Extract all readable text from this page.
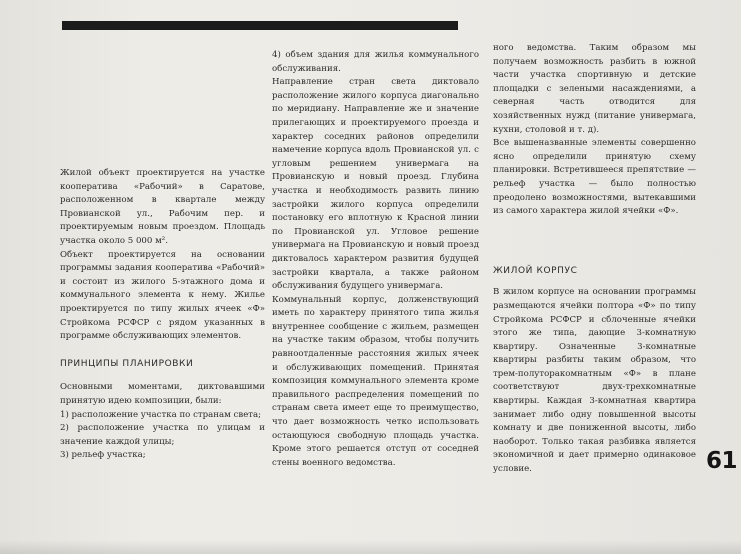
Жилой объект проектируется на участке кооператива «Рабочий» в Саратове, расположенном в квартале между Провианской ул., Рабочим пер. и проектируемым новым проездом. Площадь участка около 5 000 м².

Объект проектируется на основании программы задания кооператива «Рабочий» и состоит из жилого 5-этажного дома и коммунального элемента к нему. Жилье проектируется по типу жилых ячеек «Ф» Стройкома РСФСР с рядом указанных в программе обслуживающих элементов.

ПРИНЦИПЫ ПЛАНИРОВКИ

Основными моментами, диктовавшими принятую идею композиции, были:

1) расположение участка по странам света;

2) расположение участка по улицам и значение каждой улицы;

3) рельеф участка;

4) объем здания для жилья коммунального обслуживания.

Направление стран света диктовало расположение жилого корпуса диагонально по меридиану. Направление же и значение прилегающих и проектируемого проезда и характер соседних районов определили намечение корпуса вдоль Провианской ул. с угловым решением универмага на Провианскую и новый проезд. Глубина участка и необходимость развить линию застройки жилого корпуса определили постановку его вплотную к Красной линии по Провианской ул. Угловое решение универмага на Провианскую и новый проезд диктовалось характером развития будущей застройки квартала, а также районом обслуживания будущего универмага.

Коммунальный корпус, долженствующий иметь по характеру принятого типа жилья внутреннее сообщение с жильем, размещен на участке таким образом, чтобы получить равноотдаленные расстояния жилых ячеек и обслуживающих помещений. Принятая композиция коммунального элемента кроме правильного распределения помещений по странам света имеет еще то преимущество, что дает возможность четко использовать остающуюся свободную площадь участка. Кроме этого решается отступ от соседней стены военного ведомства.

ного ведомства. Таким образом мы получаем возможность разбить в южной части участка спортивную и детские площадки с зелеными насаждениями, а северная часть отводится для хозяйственных нужд (питание универмага, кухни, столовой и т. д).

Все вышеназванные элементы совершенно ясно определили принятую схему планировки. Встретившееся препятствие — рельеф участка — было полностью преодолено возможностями, вытекавшими из самого характера жилой ячейки «Ф».

ЖИЛОЙ КОРПУС

В жилом корпусе на основании программы размещаются ячейки полтора «Ф» по типу Стройкома РСФСР и сблоченные ячейки этого же типа, дающие 3-комнатную квартиру. Означенные 3-комнатные квартиры разбиты таким образом, что трем-полуторакомнатным «Ф» в плане соответствуют двух-трехкомнатные квартиры. Каждая 3-комнатная квартира занимает либо одну повышенной высоты комнату и две пониженной высоты, либо наоборот. Только такая разбивка является экономичной и дает примерно одинаковое условие.	61
